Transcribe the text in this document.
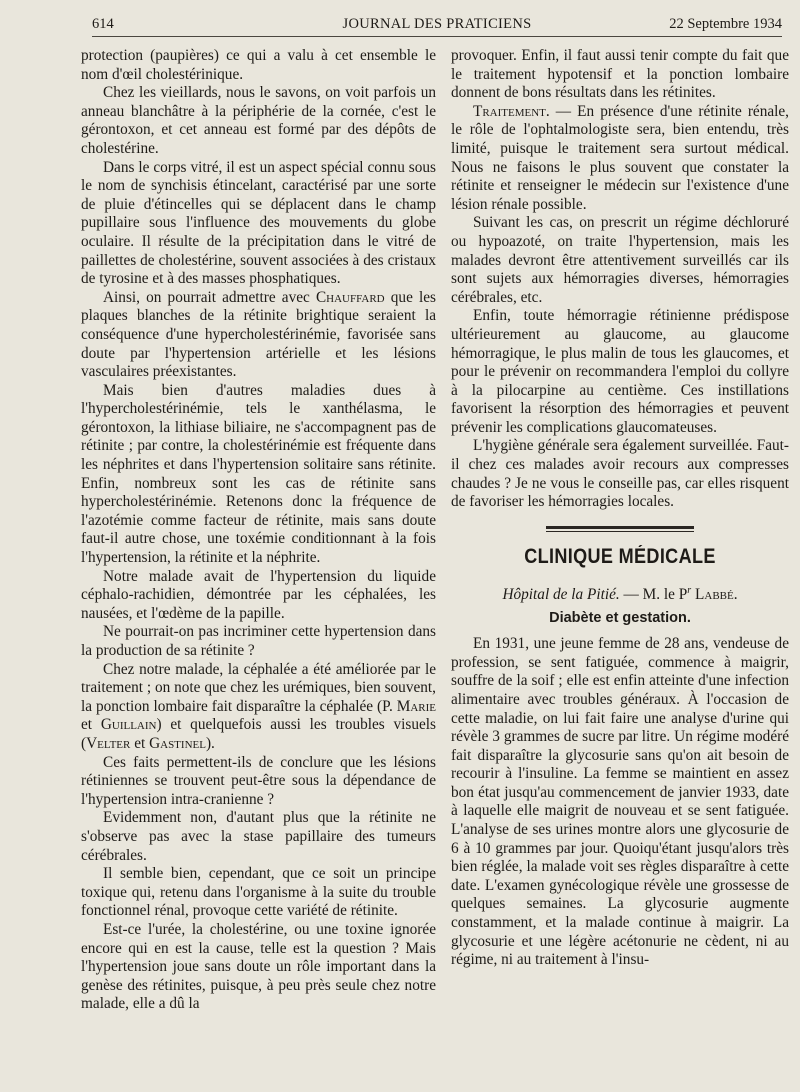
614	JOURNAL DES PRATICIENS	22 Septembre 1934

protection (paupières) ce qui a valu à cet ensemble le nom d'œil cholestérinique.

Chez les vieillards, nous le savons, on voit parfois un anneau blanchâtre à la périphérie de la cornée, c'est le gérontoxon, et cet anneau est formé par des dépôts de cholestérine.

Dans le corps vitré, il est un aspect spécial connu sous le nom de synchisis étincelant, caractérisé par une sorte de pluie d'étincelles qui se déplacent dans le champ pupillaire sous l'influence des mouvements du globe oculaire. Il résulte de la précipitation dans le vitré de paillettes de cholestérine, souvent associées à des cristaux de tyrosine et à des masses phosphatiques.

Ainsi, on pourrait admettre avec Chauffard que les plaques blanches de la rétinite brightique seraient la conséquence d'une hypercholestérinémie, favorisée sans doute par l'hypertension artérielle et les lésions vasculaires préexistantes.

Mais bien d'autres maladies dues à l'hypercholestérinémie, tels le xanthélasma, le gérontoxon, la lithiase biliaire, ne s'accompagnent pas de rétinite ; par contre, la cholestérinémie est fréquente dans les néphrites et dans l'hypertension solitaire sans rétinite. Enfin, nombreux sont les cas de rétinite sans hypercholestérinémie. Retenons donc la fréquence de l'azotémie comme facteur de rétinite, mais sans doute faut-il autre chose, une toxémie conditionnant à la fois l'hypertension, la rétinite et la néphrite.

Notre malade avait de l'hypertension du liquide céphalo-rachidien, démontrée par les céphalées, les nausées, et l'œdème de la papille.

Ne pourrait-on pas incriminer cette hypertension dans la production de sa rétinite ?

Chez notre malade, la céphalée a été améliorée par le traitement ; on note que chez les urémiques, bien souvent, la ponction lombaire fait disparaître la céphalée (P. Marie et Guillain) et quelquefois aussi les troubles visuels (Velter et Gastinel).

Ces faits permettent-ils de conclure que les lésions rétiniennes se trouvent peut-être sous la dépendance de l'hypertension intra-cranienne ?

Evidemment non, d'autant plus que la rétinite ne s'observe pas avec la stase papillaire des tumeurs cérébrales.

Il semble bien, cependant, que ce soit un principe toxique qui, retenu dans l'organisme à la suite du trouble fonctionnel rénal, provoque cette variété de rétinite.

Est-ce l'urée, la cholestérine, ou une toxine ignorée encore qui en est la cause, telle est la question ? Mais l'hypertension joue sans doute un rôle important dans la genèse des rétinites, puisque, à peu près seule chez notre malade, elle a dû la

provoquer. Enfin, il faut aussi tenir compte du fait que le traitement hypotensif et la ponction lombaire donnent de bons résultats dans les rétinites.

Traitement. — En présence d'une rétinite rénale, le rôle de l'ophtalmologiste sera, bien entendu, très limité, puisque le traitement sera surtout médical. Nous ne faisons le plus souvent que constater la rétinite et renseigner le médecin sur l'existence d'une lésion rénale possible.

Suivant les cas, on prescrit un régime déchloruré ou hypoazoté, on traite l'hypertension, mais les malades devront être attentivement surveillés car ils sont sujets aux hémorragies diverses, hémorragies cérébrales, etc.

Enfin, toute hémorragie rétinienne prédispose ultérieurement au glaucome, au glaucome hémorragique, le plus malin de tous les glaucomes, et pour le prévenir on recommandera l'emploi du collyre à la pilocarpine au centième. Ces instillations favorisent la résorption des hémorragies et peuvent prévenir les complications glaucomateuses.

L'hygiène générale sera également surveillée. Faut-il chez ces malades avoir recours aux compresses chaudes ? Je ne vous le conseille pas, car elles risquent de favoriser les hémorragies locales.

CLINIQUE MÉDICALE
Hôpital de la Pitié. — M. le $P^r$ Labbé.
Diabète et gestation.

En 1931, une jeune femme de 28 ans, vendeuse de profession, se sent fatiguée, commence à maigrir, souffre de la soif ; elle est enfin atteinte d'une infection alimentaire avec troubles généraux. À l'occasion de cette maladie, on lui fait faire une analyse d'urine qui révèle 3 grammes de sucre par litre. Un régime modéré fait disparaître la glycosurie sans qu'on ait besoin de recourir à l'insuline. La femme se maintient en assez bon état jusqu'au commencement de janvier 1933, date à laquelle elle maigrit de nouveau et se sent fatiguée. L'analyse de ses urines montre alors une glycosurie de 6 à 10 grammes par jour. Quoiqu'étant jusqu'alors très bien réglée, la malade voit ses règles disparaître à cette date. L'examen gynécologique révèle une grossesse de quelques semaines. La glycosurie augmente constamment, et la malade continue à maigrir. La glycosurie et une légère acétonurie ne cèdent, ni au régime, ni au traitement à l'insu-
